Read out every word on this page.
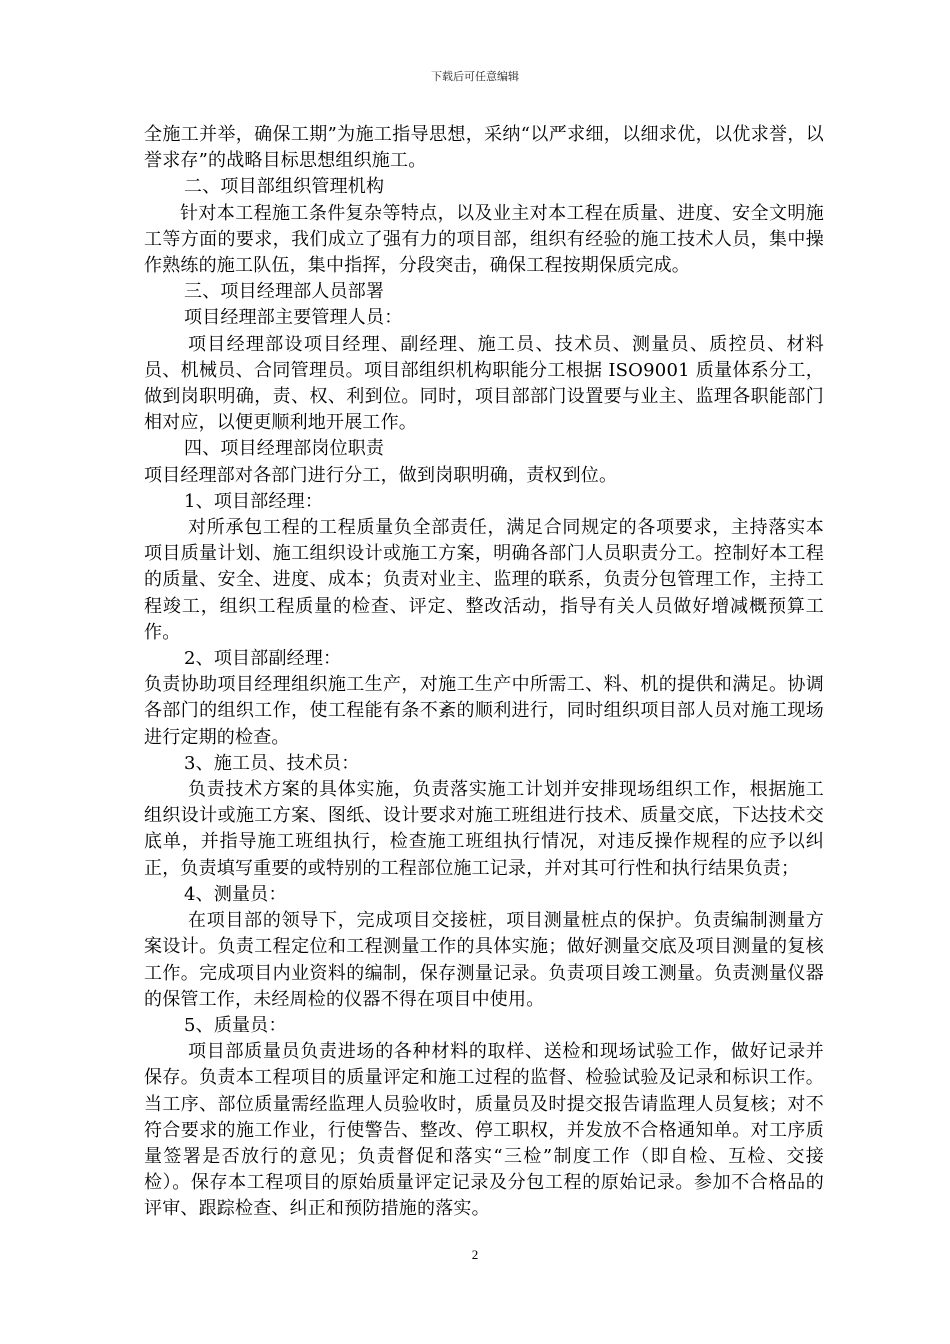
下载后可任意编辑

全施工并举，确保工期”为施工指导思想，采纳“以严求细，以细求优，以优求誉，以誉求存”的战略目标思想组织施工。

二、项目部组织管理机构

针对本工程施工条件复杂等特点，以及业主对本工程在质量、进度、安全文明施工等方面的要求，我们成立了强有力的项目部，组织有经验的施工技术人员，集中操作熟练的施工队伍，集中指挥，分段突击，确保工程按期保质完成。

三、项目经理部人员部署

项目经理部主要管理人员：

项目经理部设项目经理、副经理、施工员、技术员、测量员、质控员、材料员、机械员、合同管理员。项目部组织机构职能分工根据 ISO9001 质量体系分工，做到岗职明确，责、权、利到位。同时，项目部部门设置要与业主、监理各职能部门相对应，以便更顺利地开展工作。

四、项目经理部岗位职责

项目经理部对各部门进行分工，做到岗职明确，责权到位。

1、项目部经理：

对所承包工程的工程质量负全部责任，满足合同规定的各项要求，主持落实本项目质量计划、施工组织设计或施工方案，明确各部门人员职责分工。控制好本工程的质量、安全、进度、成本；负责对业主、监理的联系，负责分包管理工作，主持工程竣工，组织工程质量的检查、评定、整改活动，指导有关人员做好增减概预算工作。

2、项目部副经理：

负责协助项目经理组织施工生产，对施工生产中所需工、料、机的提供和满足。协调各部门的组织工作，使工程能有条不紊的顺利进行，同时组织项目部人员对施工现场进行定期的检查。

3、施工员、技术员：

负责技术方案的具体实施，负责落实施工计划并安排现场组织工作，根据施工组织设计或施工方案、图纸、设计要求对施工班组进行技术、质量交底，下达技术交底单，并指导施工班组执行，检查施工班组执行情况，对违反操作规程的应予以纠正，负责填写重要的或特别的工程部位施工记录，并对其可行性和执行结果负责；

4、测量员：

在项目部的领导下，完成项目交接桩，项目测量桩点的保护。负责编制测量方案设计。负责工程定位和工程测量工作的具体实施；做好测量交底及项目测量的复核工作。完成项目内业资料的编制，保存测量记录。负责项目竣工测量。负责测量仪器的保管工作，未经周检的仪器不得在项目中使用。

5、质量员：

项目部质量员负责进场的各种材料的取样、送检和现场试验工作，做好记录并保存。负责本工程项目的质量评定和施工过程的监督、检验试验及记录和标识工作。当工序、部位质量需经监理人员验收时，质量员及时提交报告请监理人员复核；对不符合要求的施工作业，行使警告、整改、停工职权，并发放不合格通知单。对工序质量签署是否放行的意见；负责督促和落实“三检”制度工作（即自检、互检、交接检）。保存本工程项目的原始质量评定记录及分包工程的原始记录。参加不合格品的评审、跟踪检查、纠正和预防措施的落实。

2
